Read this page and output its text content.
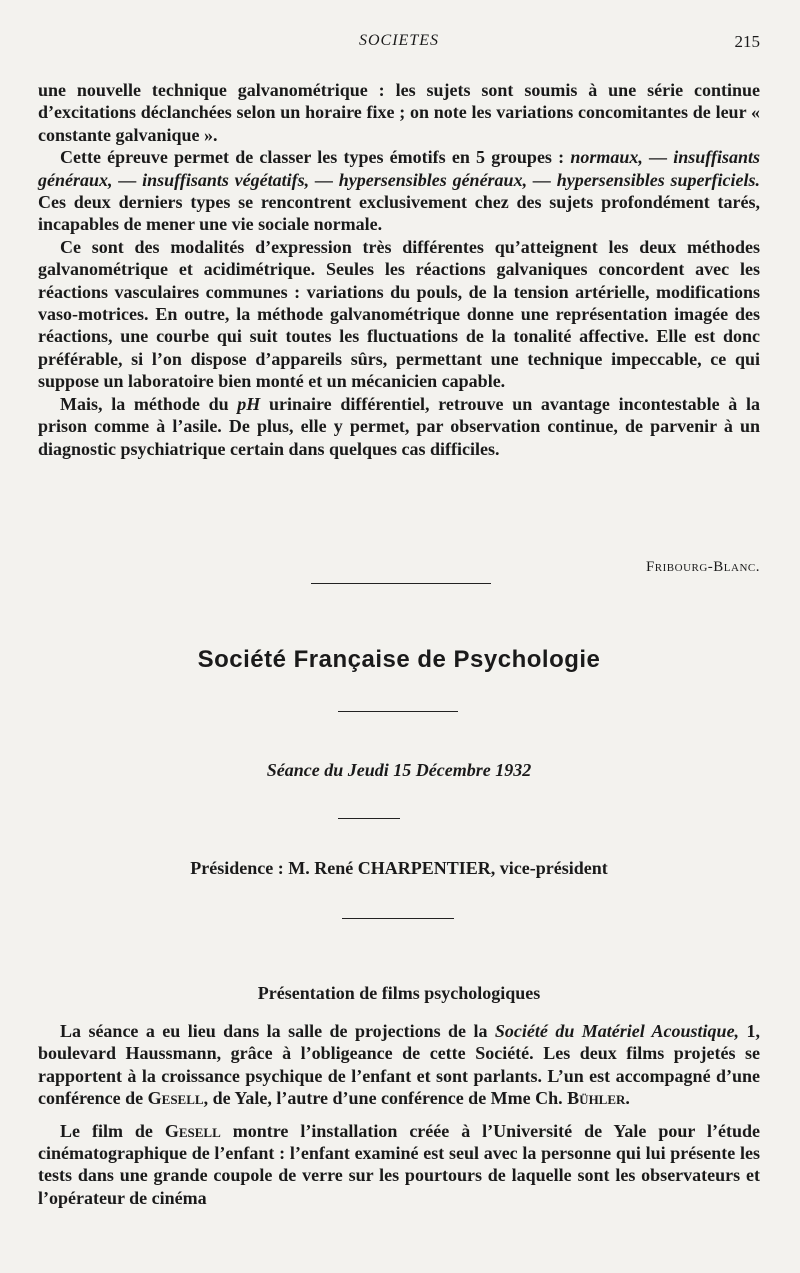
SOCIETES	215

une nouvelle technique galvanométrique : les sujets sont soumis à une série continue d’excitations déclanchées selon un horaire fixe ; on note les variations concomitantes de leur « constante galvanique ».

Cette épreuve permet de classer les types émotifs en 5 groupes : normaux, — insuffisants généraux, — insuffisants végétatifs, — hypersensibles généraux, — hypersensibles superficiels. Ces deux derniers types se rencontrent exclusivement chez des sujets profondément tarés, incapables de mener une vie sociale normale.

Ce sont des modalités d’expression très différentes qu’atteignent les deux méthodes galvanométrique et acidimétrique. Seules les réactions galvaniques concordent avec les réactions vasculaires communes : variations du pouls, de la tension artérielle, modifications vaso-motrices. En outre, la méthode galvanométrique donne une représentation imagée des réactions, une courbe qui suit toutes les fluctuations de la tonalité affective. Elle est donc préférable, si l’on dispose d’appareils sûrs, permettant une technique impeccable, ce qui suppose un laboratoire bien monté et un mécanicien capable.

Mais, la méthode du pH urinaire différentiel, retrouve un avantage incontestable à la prison comme à l’asile. De plus, elle y permet, par observation continue, de parvenir à un diagnostic psychiatrique certain dans quelques cas difficiles.

Fribourg-Blanc.
Société Française de Psychologie
Séance du Jeudi 15 Décembre 1932
Présidence : M. René CHARPENTIER, vice-président
Présentation de films psychologiques

La séance a eu lieu dans la salle de projections de la Société du Matériel Acoustique, 1, boulevard Haussmann, grâce à l’obligeance de cette Société. Les deux films projetés se rapportent à la croissance psychique de l’enfant et sont parlants. L’un est accompagné d’une conférence de Gesell, de Yale, l’autre d’une conférence de Mme Ch. Bühler.

Le film de Gesell montre l’installation créée à l’Université de Yale pour l’étude cinématographique de l’enfant : l’enfant examiné est seul avec la personne qui lui présente les tests dans une grande coupole de verre sur les pourtours de laquelle sont les observateurs et l’opérateur de cinéma
